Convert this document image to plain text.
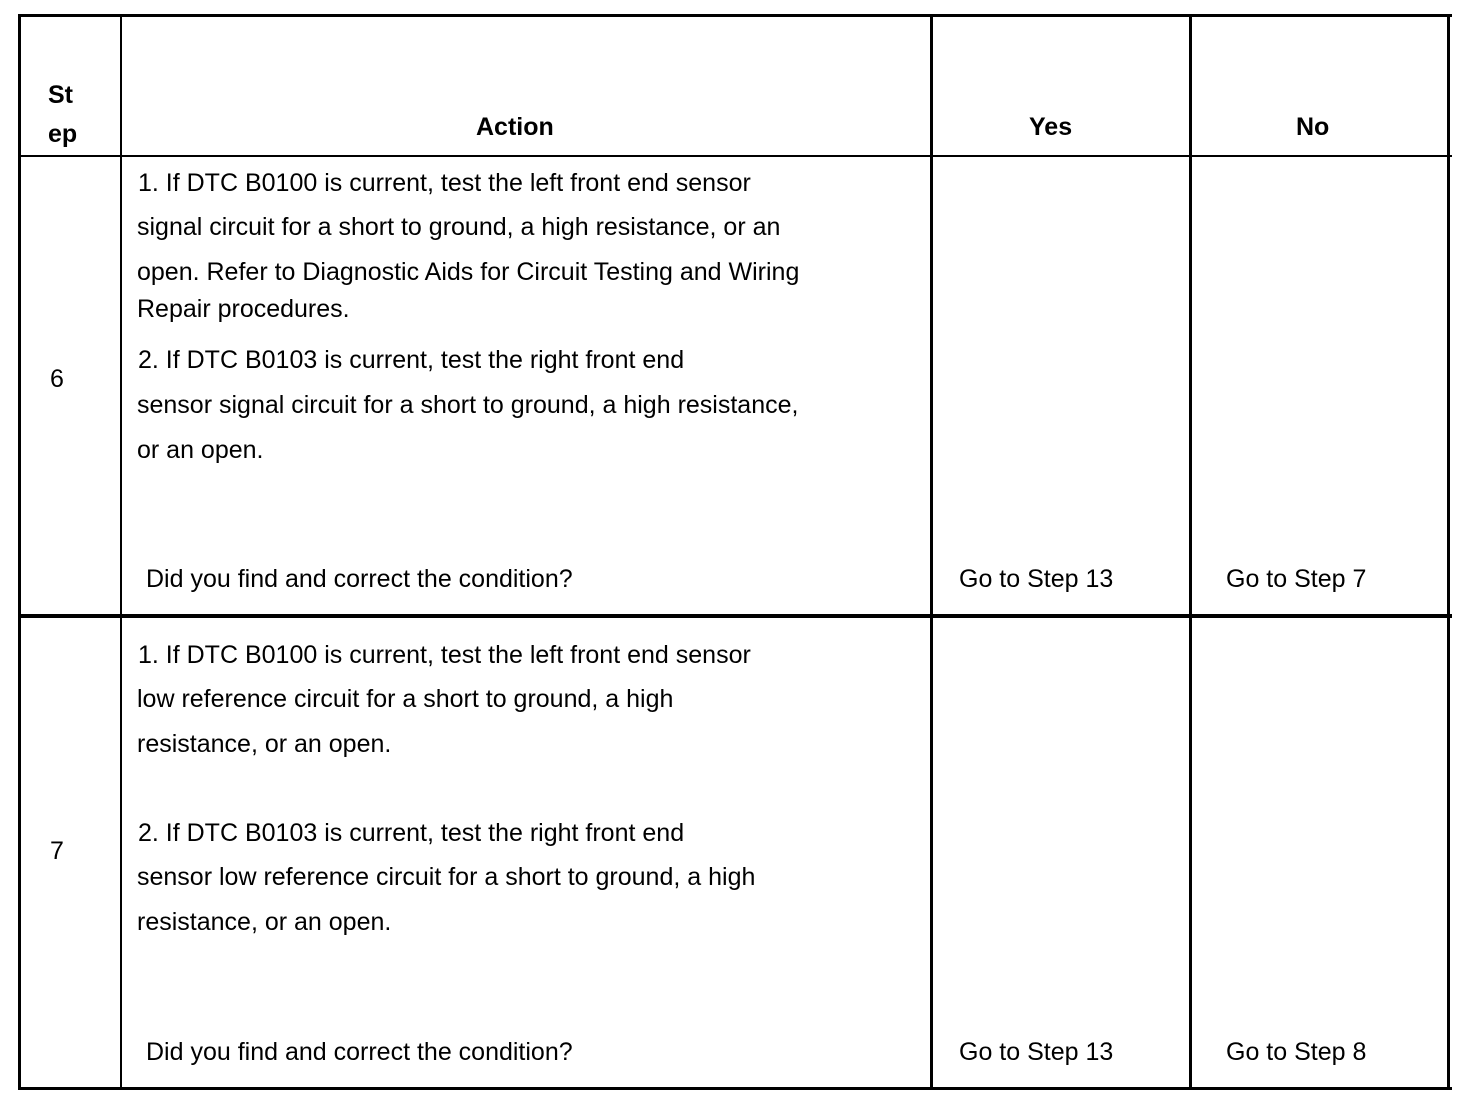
St
ep	Action	Yes	No
6
1. If DTC B0100 is current, test the left front end sensor
signal circuit for a short to ground, a high resistance, or an
open. Refer to Diagnostic Aids for Circuit Testing and Wiring
Repair procedures.
2. If DTC B0103 is current, test the right front end
sensor signal circuit for a short to ground, a high resistance,
or an open.
Did you find and correct the condition?	Go to Step 13	Go to Step 7
7
1. If DTC B0100 is current, test the left front end sensor
low reference circuit for a short to ground, a high
resistance, or an open.
2. If DTC B0103 is current, test the right front end
sensor low reference circuit for a short to ground, a high
resistance, or an open.
Did you find and correct the condition?	Go to Step 13	Go to Step 8
